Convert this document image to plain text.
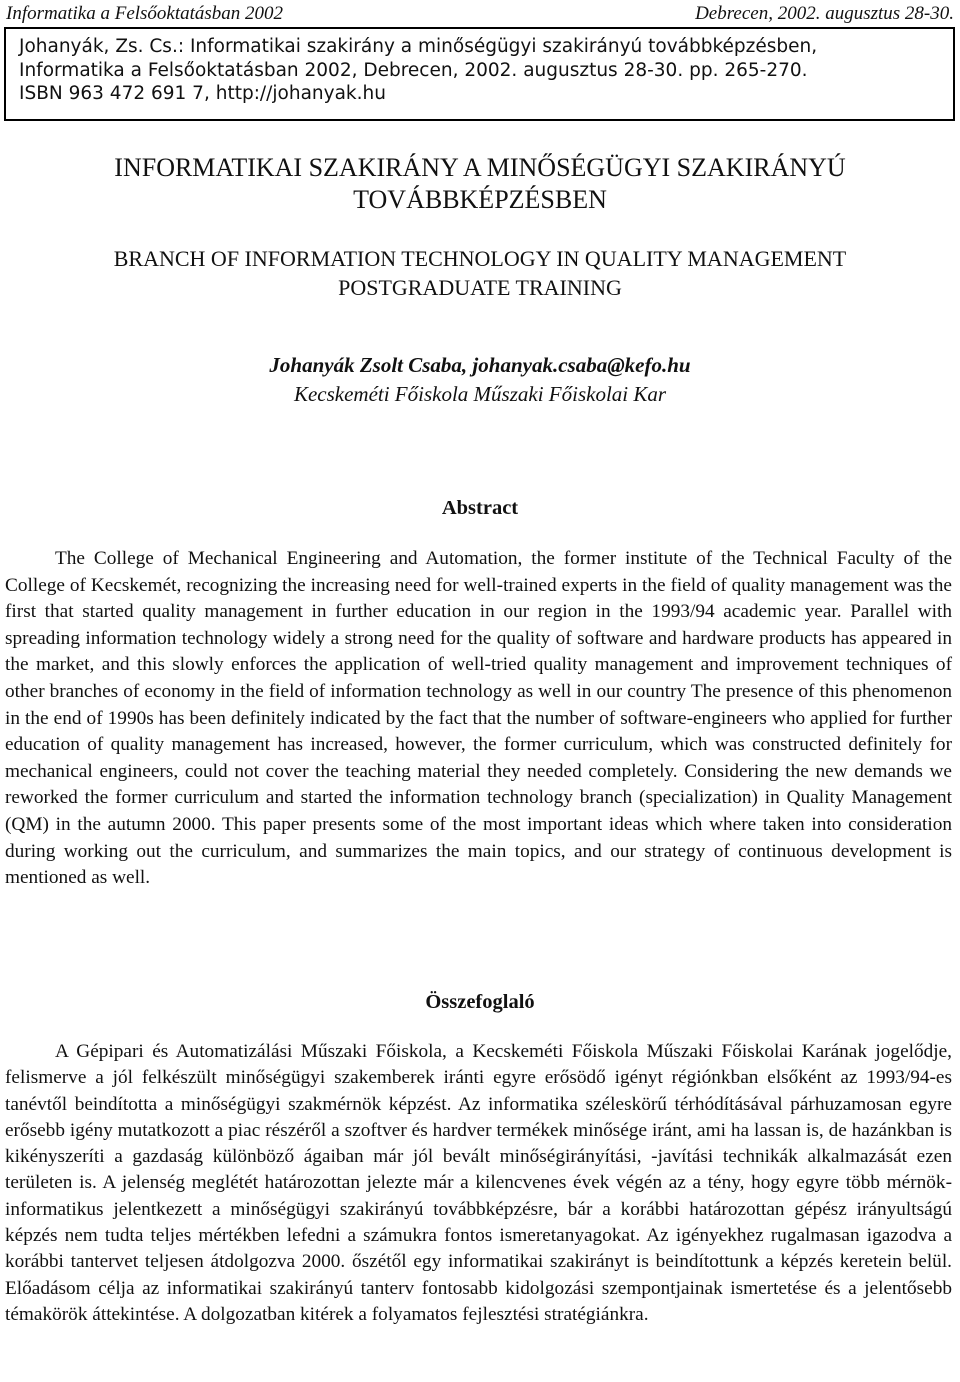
Informatika a Felsőoktatásban 2002	Debrecen, 2002. augusztus 28-30.
Johanyák, Zs. Cs.: Informatikai szakirány a minőségügyi szakirányú továbbképzésben,
Informatika a Felsőoktatásban 2002, Debrecen, 2002. augusztus 28-30. pp. 265-270.
ISBN 963 472 691 7, http://johanyak.hu
INFORMATIKAI SZAKIRÁNY A MINŐSÉGÜGYI SZAKIRÁNYÚ
TOVÁBBKÉPZÉSBEN
BRANCH OF INFORMATION TECHNOLOGY IN QUALITY MANAGEMENT
POSTGRADUATE TRAINING
Johanyák Zsolt Csaba, johanyak.csaba@kefo.hu
Kecskeméti Főiskola Műszaki Főiskolai Kar
Abstract

The College of Mechanical Engineering and Automation, the former institute of the Technical Faculty of the College of Kecskemét, recognizing the increasing need for well-trained experts in the field of quality management was the first that started quality management in further education in our region in the 1993/94 academic year. Parallel with spreading information technology widely a strong need for the quality of software and hardware products has appeared in the market, and this slowly enforces the application of well-tried quality management and improvement techniques of other branches of economy in the field of information technology as well in our country The presence of this phenomenon in the end of 1990s has been definitely indicated by the fact that the number of software-engineers who applied for further education of quality management has increased, however, the former curriculum, which was constructed definitely for mechanical engineers, could not cover the teaching material they needed completely. Considering the new demands we reworked the former curriculum and started the information technology branch (specialization) in Quality Management (QM) in the autumn 2000. This paper presents some of the most important ideas which where taken into consideration during working out the curriculum, and summarizes the main topics, and our strategy of continuous development is mentioned as well.

Összefoglaló

A Gépipari és Automatizálási Műszaki Főiskola, a Kecskeméti Főiskola Műszaki Főiskolai Karának jogelődje, felismerve a jól felkészült minőségügyi szakemberek iránti egyre erősödő igényt régiónkban elsőként az 1993/94-es tanévtől beindította a minőségügyi szakmérnök képzést. Az informatika széleskörű térhódításával párhuzamosan egyre erősebb igény mutatkozott a piac részéről a szoftver és hardver termékek minősége iránt, ami ha lassan is, de hazánkban is kikényszeríti a gazdaság különböző ágaiban már jól bevált minőségirányítási, -javítási technikák alkalmazását ezen területen is. A jelenség meglétét határozottan jelezte már a kilencvenes évek végén az a tény, hogy egyre több mérnök-informatikus jelentkezett a minőségügyi szakirányú továbbképzésre, bár a korábbi határozottan gépész irányultságú képzés nem tudta teljes mértékben lefedni a számukra fontos ismeretanyagokat. Az igényekhez rugalmasan igazodva a korábbi tantervet teljesen átdolgozva 2000. őszétől egy informatikai szakirányt is beindítottunk a képzés keretein belül. Előadásom célja az informatikai szakirányú tanterv fontosabb kidolgozási szempontjainak ismertetése és a jelentősebb témakörök áttekintése. A dolgozatban kitérek a folyamatos fejlesztési stratégiánkra.
